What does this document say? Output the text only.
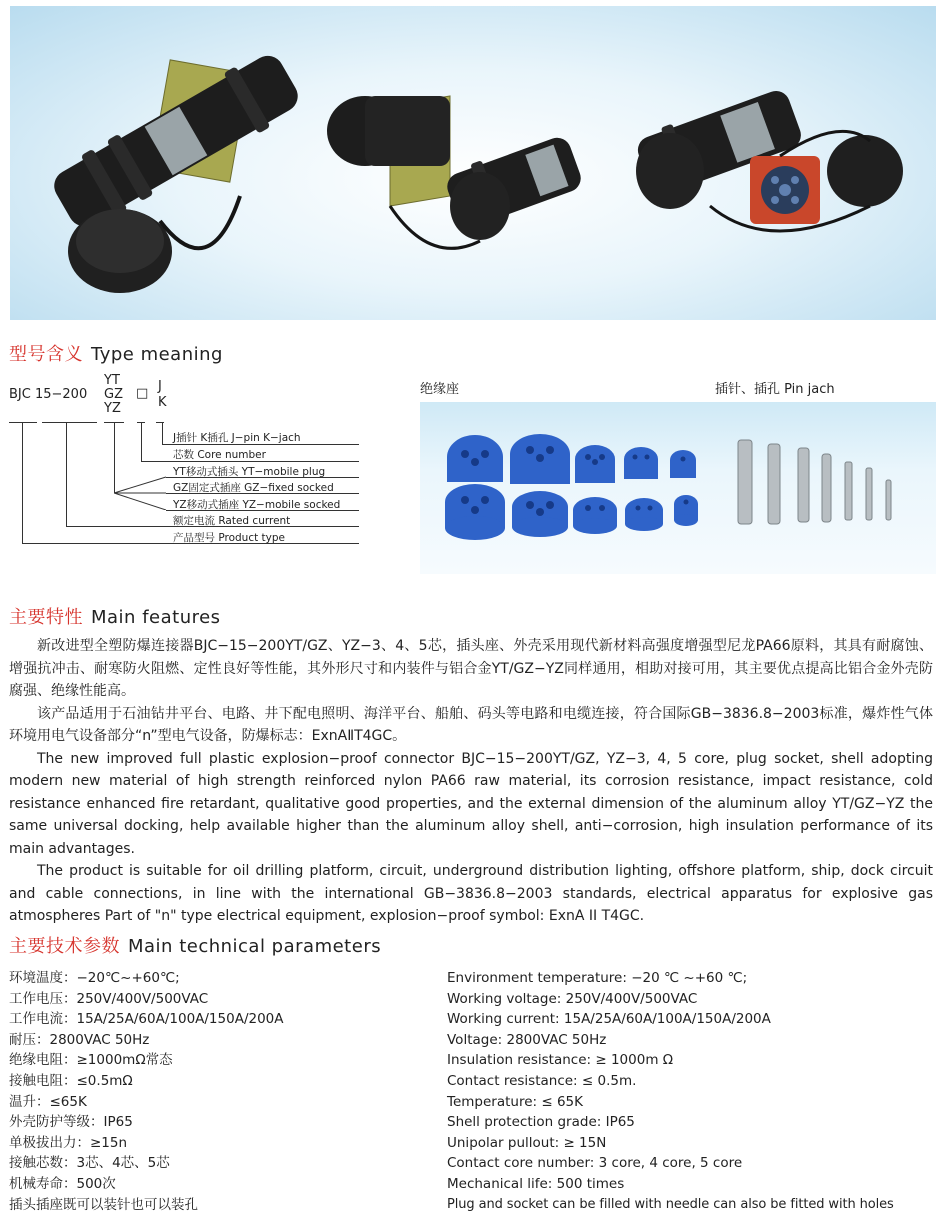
型号含义 Type meaning
BJC 15−200
YT
GZ
YZ
□ J
K
J插针 K插孔 J−pin K−jach
芯数 Core number
YT移动式插头 YT−mobile plug
GZ固定式插座 GZ−fixed socked
YZ移动式插座 YZ−mobile socked
额定电流 Rated current
产品型号 Product type
绝缘座	插针、插孔 Pin jach
主要特性 Main features

新改进型全塑防爆连接器BJC−15−200YT/GZ、YZ−3、4、5芯，插头座、外壳采用现代新材料高强度增强型尼龙PA66原料，其具有耐腐蚀、增强抗冲击、耐寒防火阻燃、定性良好等性能，其外形尺寸和内装件与铝合金YT/GZ−YZ同样通用，相助对接可用，其主要优点提高比铝合金外壳防腐强、绝缘性能高。

该产品适用于石油钻井平台、电路、井下配电照明、海洋平台、船舶、码头等电路和电缆连接，符合国际GB−3836.8−2003标准，爆炸性气体环境用电气设备部分“n”型电气设备，防爆标志：ExnAⅡT4GC。

The new improved full plastic explosion−proof connector BJC−15−200YT/GZ, YZ−3, 4, 5 core, plug socket, shell adopting modern new material of high strength reinforced nylon PA66 raw material, its corrosion resistance, impact resistance, cold resistance enhanced fire retardant, qualitative good properties, and the external dimension of the aluminum alloy YT/GZ−YZ the same universal docking, help available higher than the aluminum alloy shell, anti−corrosion, high insulation performance of its main advantages.

The product is suitable for oil drilling platform, circuit, underground distribution lighting, offshore platform, ship, dock circuit and cable connections, in line with the international GB−3836.8−2003 standards, electrical apparatus for explosive gas atmospheres Part of "n" type electrical equipment, explosion−proof symbol: ExnA II T4GC.

主要技术参数 Main technical parameters
环境温度：−20℃~+60℃;
工作电压：250V/400V/500VAC
工作电流：15A/25A/60A/100A/150A/200A
耐压：2800VAC 50Hz
绝缘电阻：≥1000mΩ常态
接触电阻：≤0.5mΩ
温升：≤65K
外壳防护等级：IP65
单极拔出力：≥15n
接触芯数：3芯、4芯、5芯
机械寿命：500次
插头插座既可以装针也可以装孔
Environment temperature: −20 ℃ ~+60 ℃;
Working voltage: 250V/400V/500VAC
Working current: 15A/25A/60A/100A/150A/200A
Voltage: 2800VAC 50Hz
Insulation resistance: ≥ 1000m Ω
Contact resistance: ≤ 0.5m.
Temperature: ≤ 65K
Shell protection grade: IP65
Unipolar pullout: ≥ 15N
Contact core number: 3 core, 4 core, 5 core
Mechanical life: 500 times
Plug and socket can be filled with needle can also be fitted with holes
